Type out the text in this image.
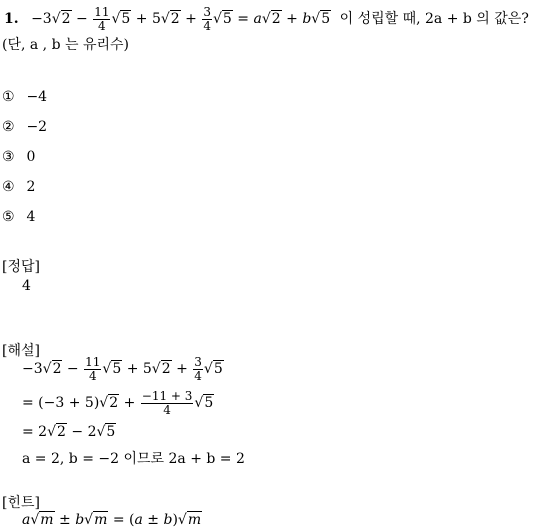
1. $-3√2 - \frac{11}{4} √5 + 5√2 + \frac{3}{4} √5 = a√2 + b√5$ 이 성립할 때, 2a + b 의 값은?
(단, a , b 는 유리수)
① −4
② −2
③ 0
④ 2
⑤ 4
[정답]
4
[해설]
$-3√2 - \frac{11}{4} √5 + 5√2 + \frac{3}{4} √5$
= $(-3 + 5)√2 + \frac{-11 + 3}{4} √5$
= 2√2 − 2√5
a = 2, b = −2 이므로 2a + b = 2
[힌트]
a√m ± b√m = (a ± b)√m
